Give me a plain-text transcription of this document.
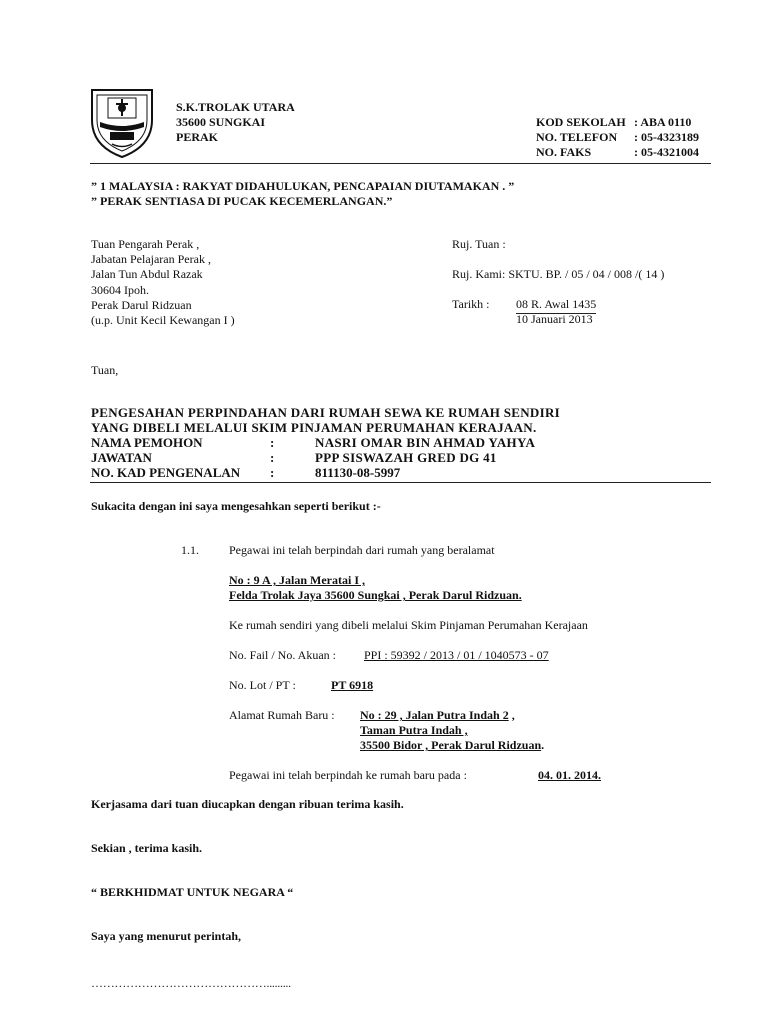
S.K.TROLAK UTARA
35600 SUNGKAI
PERAK
KOD SEKOLAH : ABA 0110
NO. TELEFON : 05-4323189
NO. FAKS	: 05-4321004
” 1 MALAYSIA : RAKYAT DIDAHULUKAN, PENCAPAIAN DIUTAMAKAN . ”
” PERAK SENTIASA DI PUCAK KECEMERLANGAN.”
Tuan Pengarah Perak ,
Jabatan Pelajaran Perak ,
Jalan Tun Abdul Razak
30604 Ipoh.
Perak Darul Ridzuan
(u.p. Unit Kecil Kewangan I )
Ruj. Tuan :
Ruj. Kami: SKTU. BP. / 05 / 04 / 008 /( 14 )
Tarikh : 08 R. Awal 1435
10 Januari 2013
Tuan,
PENGESAHAN PERPINDAHAN DARI RUMAH SEWA KE RUMAH SENDIRI
YANG DIBELI MELALUI SKIM PINJAMAN PERUMAHAN KERAJAAN.
NAMA PEMOHON	:	NASRI OMAR BIN AHMAD YAHYA
JAWATAN	:	PPP SISWAZAH GRED DG 41
NO. KAD PENGENALAN :	811130-08-5997
Sukacita dengan ini saya mengesahkan seperti berikut :-
1.1.	Pegawai ini telah berpindah dari rumah yang beralamat
No : 9 A , Jalan Meratai I ,
Felda Trolak Jaya 35600 Sungkai , Perak Darul Ridzuan.
Ke rumah sendiri yang dibeli melalui Skim Pinjaman Perumahan Kerajaan
No. Fail / No. Akuan : PPI : 59392 / 2013 / 01 / 1040573 - 07
No. Lot / PT :	PT 6918
Alamat Rumah Baru : No : 29 , Jalan Putra Indah 2 ,
Taman Putra Indah ,
35500 Bidor , Perak Darul Ridzuan.
Pegawai ini telah berpindah ke rumah baru pada :	04. 01. 2014.
Kerjasama dari tuan diucapkan dengan ribuan terima kasih.
Sekian , terima kasih.
“ BERKHIDMAT UNTUK NEGARA “
Saya yang menurut perintah,
……………………………………….........
